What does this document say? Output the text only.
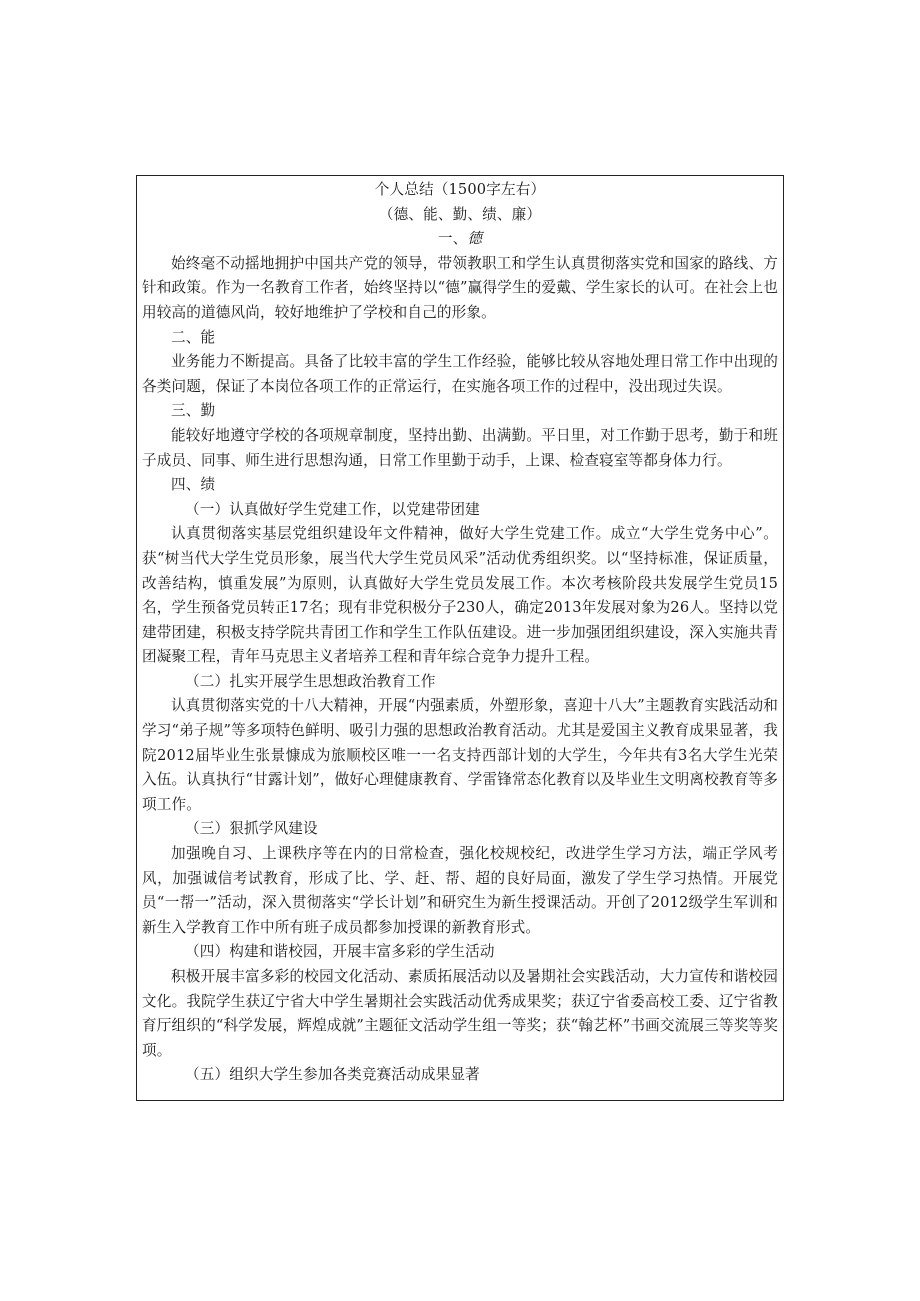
个人总结（1500字左右）

（德、能、勤、绩、廉）

一、德

始终毫不动摇地拥护中国共产党的领导，带领教职工和学生认真贯彻落实党和国家的路线、方针和政策。作为一名教育工作者，始终坚持以“德”赢得学生的爱戴、学生家长的认可。在社会上也用较高的道德风尚，较好地维护了学校和自己的形象。

二、能

业务能力不断提高。具备了比较丰富的学生工作经验，能够比较从容地处理日常工作中出现的各类问题，保证了本岗位各项工作的正常运行，在实施各项工作的过程中，没出现过失误。

三、勤

能较好地遵守学校的各项规章制度，坚持出勤、出满勤。平日里，对工作勤于思考，勤于和班子成员、同事、师生进行思想沟通，日常工作里勤于动手，上课、检查寝室等都身体力行。

四、绩

（一）认真做好学生党建工作，以党建带团建

认真贯彻落实基层党组织建设年文件精神，做好大学生党建工作。成立“大学生党务中心”。获“树当代大学生党员形象，展当代大学生党员风采”活动优秀组织奖。以“坚持标准，保证质量，改善结构，慎重发展”为原则，认真做好大学生党员发展工作。本次考核阶段共发展学生党员15名，学生预备党员转正17名；现有非党积极分子230人，确定2013年发展对象为26人。坚持以党建带团建，积极支持学院共青团工作和学生工作队伍建设。进一步加强团组织建设，深入实施共青团凝聚工程，青年马克思主义者培养工程和青年综合竞争力提升工程。

（二）扎实开展学生思想政治教育工作

认真贯彻落实党的十八大精神，开展“内强素质，外塑形象，喜迎十八大”主题教育实践活动和学习“弟子规”等多项特色鲜明、吸引力强的思想政治教育活动。尤其是爱国主义教育成果显著，我院2012届毕业生张景慷成为旅顺校区唯一一名支持西部计划的大学生，今年共有3名大学生光荣入伍。认真执行“甘露计划”，做好心理健康教育、学雷锋常态化教育以及毕业生文明离校教育等多项工作。

（三）狠抓学风建设

加强晚自习、上课秩序等在内的日常检查，强化校规校纪，改进学生学习方法，端正学风考风，加强诚信考试教育，形成了比、学、赶、帮、超的良好局面，激发了学生学习热情。开展党员“一帮一”活动，深入贯彻落实“学长计划”和研究生为新生授课活动。开创了2012级学生军训和新生入学教育工作中所有班子成员都参加授课的新教育形式。

（四）构建和谐校园，开展丰富多彩的学生活动

积极开展丰富多彩的校园文化活动、素质拓展活动以及暑期社会实践活动，大力宣传和谐校园文化。我院学生获辽宁省大中学生暑期社会实践活动优秀成果奖；获辽宁省委高校工委、辽宁省教育厅组织的“科学发展，辉煌成就”主题征文活动学生组一等奖；获“翰艺杯”书画交流展三等奖等奖项。

（五）组织大学生参加各类竞赛活动成果显著
